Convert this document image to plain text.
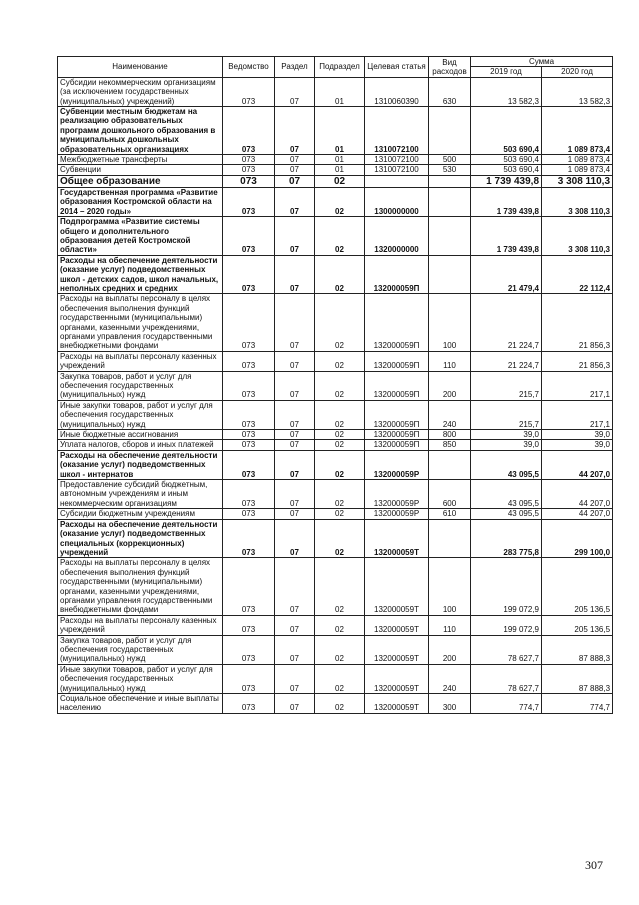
Наименование	Ведомство	Раздел	Подраздел	Целевая статья	Вид расходов	Сумма	
						2019 год	2020 год
Субсидии некоммерческим организациям (за исключением государственных (муниципальных) учреждений)	073	07	01	1310060390	630	13 582,3	13 582,3
Субвенции местным бюджетам на реализацию образовательных программ дошкольного образования в муниципальных дошкольных образовательных организациях	073	07	01	1310072100		503 690,4	1 089 873,4
Межбюджетные трансферты	073	07	01	1310072100	500	503 690,4	1 089 873,4
Субвенции	073	07	01	1310072100	530	503 690,4	1 089 873,4
Общее образование	073	07	02			1 739 439,8	3 308 110,3
Государственная программа «Развитие образования Костромской области на 2014 – 2020 годы»	073	07	02	1300000000		1 739 439,8	3 308 110,3
Подпрограмма «Развитие системы общего и дополнительного образования детей Костромской области»	073	07	02	1320000000		1 739 439,8	3 308 110,3
Расходы на обеспечение деятельности (оказание услуг) подведомственных школ - детских садов, школ начальных, неполных средних и средних	073	07	02	132000059П		21 479,4	22 112,4
Расходы на выплаты персоналу в целях обеспечения выполнения функций государственными (муниципальными) органами, казенными учреждениями, органами управления государственными внебюджетными фондами	073	07	02	132000059П	100	21 224,7	21 856,3
Расходы на выплаты персоналу казенных учреждений	073	07	02	132000059П	110	21 224,7	21 856,3
Закупка товаров, работ и услуг для обеспечения государственных (муниципальных) нужд	073	07	02	132000059П	200	215,7	217,1
Иные закупки товаров, работ и услуг для обеспечения государственных (муниципальных) нужд	073	07	02	132000059П	240	215,7	217,1
Иные бюджетные ассигнования	073	07	02	132000059П	800	39,0	39,0
Уплата налогов, сборов и иных платежей	073	07	02	132000059П	850	39,0	39,0
Расходы на обеспечение деятельности (оказание услуг) подведомственных школ - интернатов	073	07	02	132000059Р		43 095,5	44 207,0
Предоставление субсидий бюджетным, автономным учреждениям и иным некоммерческим организациям	073	07	02	132000059Р	600	43 095,5	44 207,0
Субсидии бюджетным учреждениям	073	07	02	132000059Р	610	43 095,5	44 207,0
Расходы на обеспечение деятельности (оказание услуг) подведомственных специальных (коррекционных) учреждений	073	07	02	132000059Т		283 775,8	299 100,0
Расходы на выплаты персоналу в целях обеспечения выполнения функций государственными (муниципальными) органами, казенными учреждениями, органами управления государственными внебюджетными фондами	073	07	02	132000059Т	100	199 072,9	205 136,5
Расходы на выплаты персоналу казенных учреждений	073	07	02	132000059Т	110	199 072,9	205 136,5
Закупка товаров, работ и услуг для обеспечения государственных (муниципальных) нужд	073	07	02	132000059Т	200	78 627,7	87 888,3
Иные закупки товаров, работ и услуг для обеспечения государственных (муниципальных) нужд	073	07	02	132000059Т	240	78 627,7	87 888,3
Социальное обеспечение и иные выплаты населению	073	07	02	132000059Т	300	774,7	774,7
307
